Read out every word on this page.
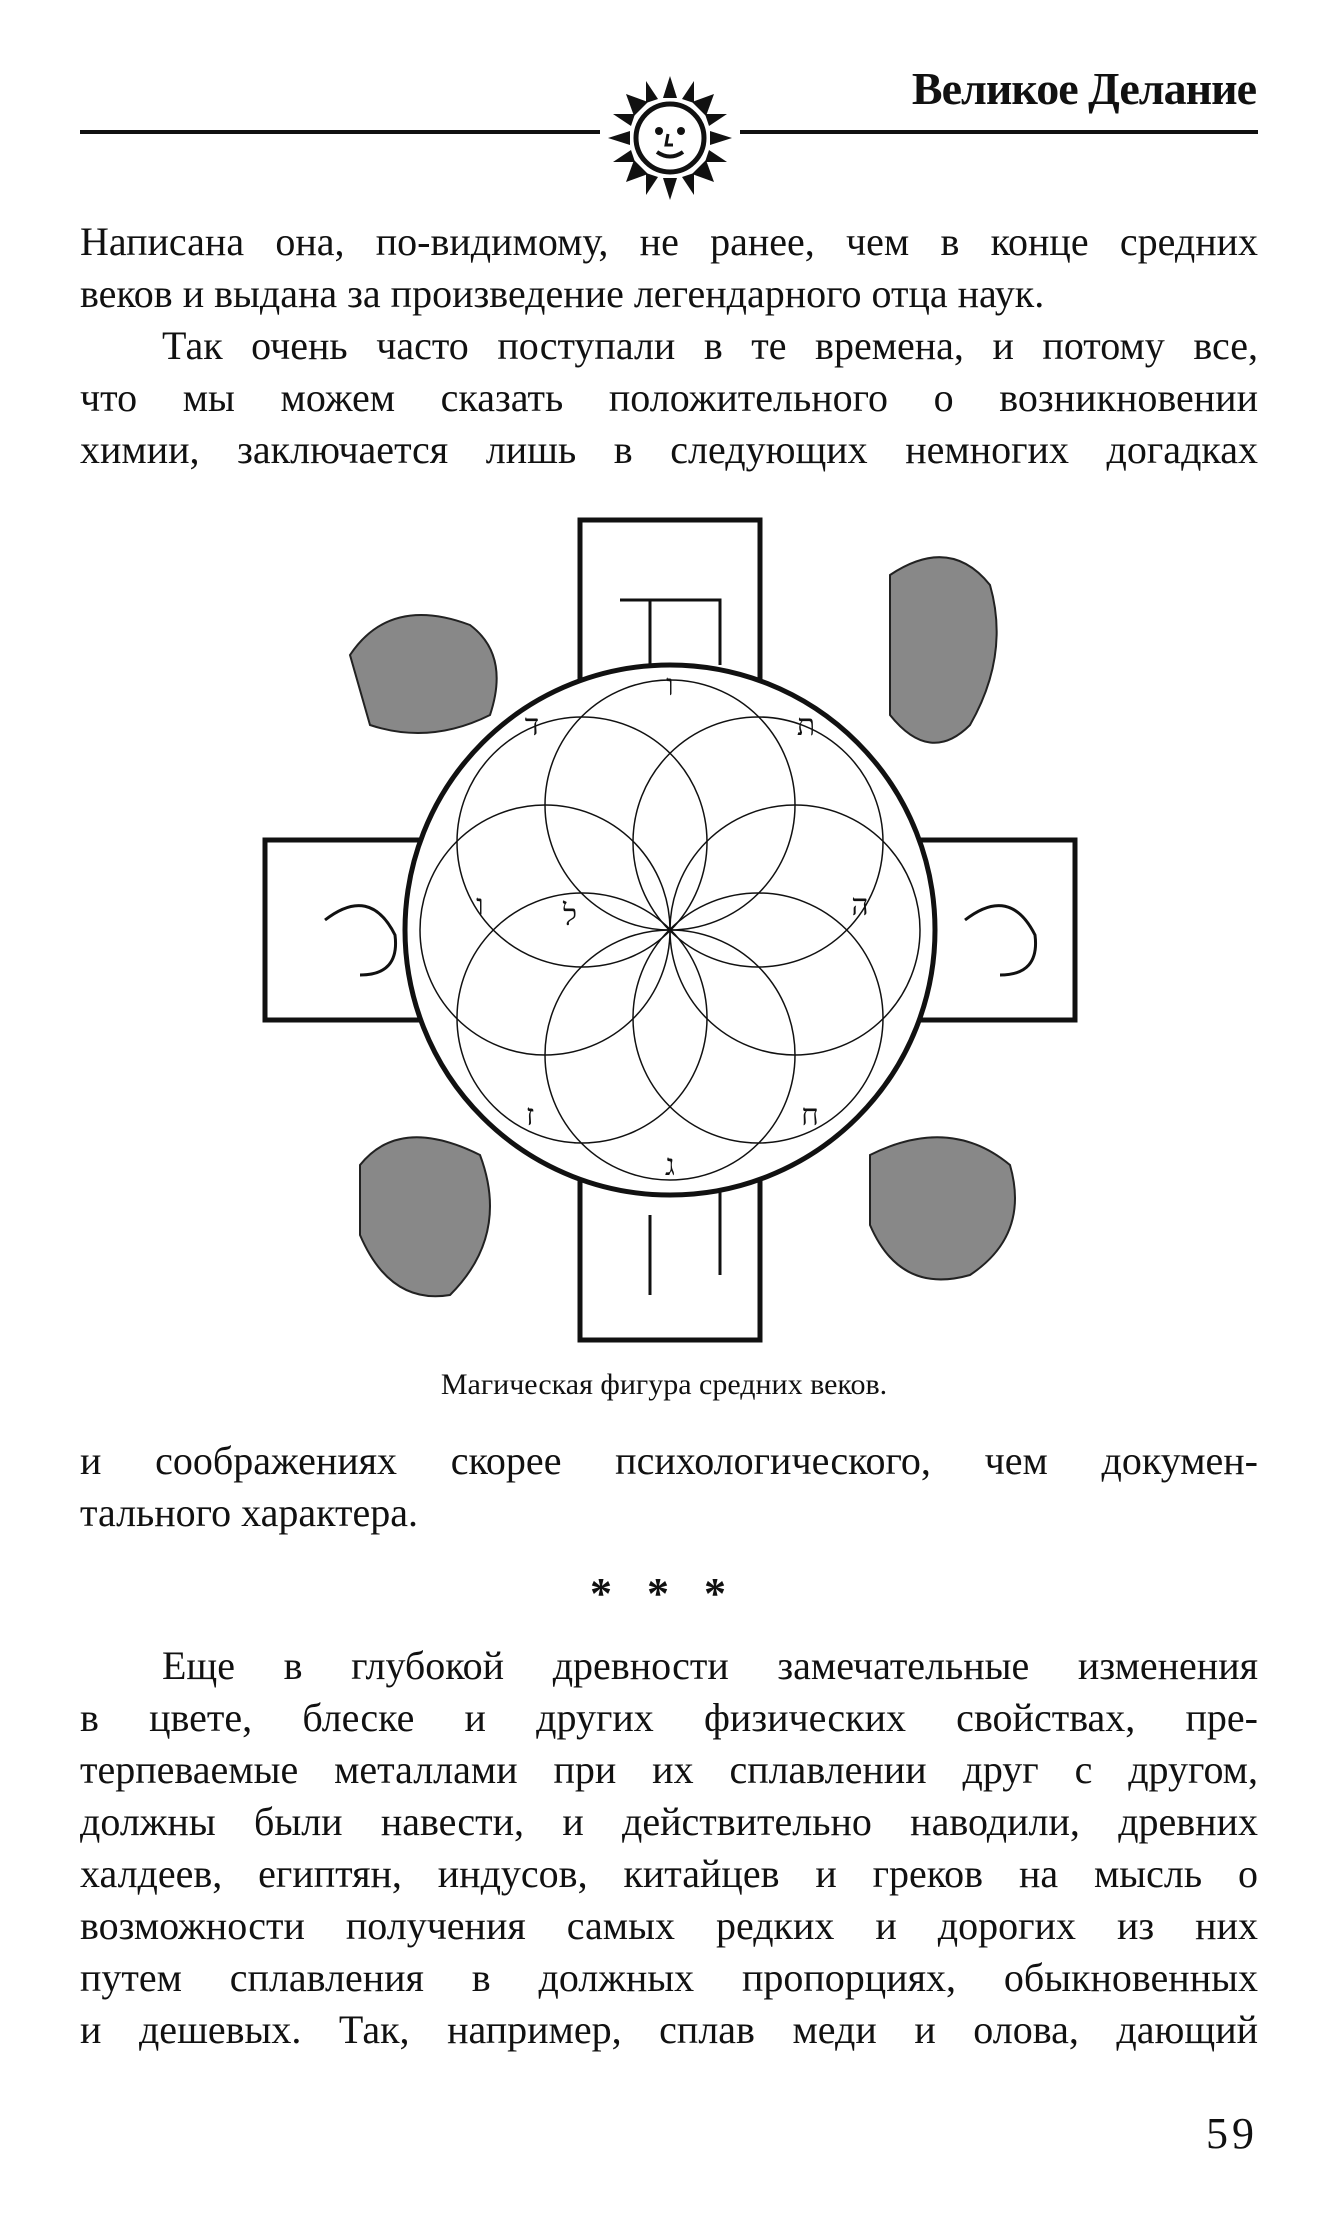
Великое Делание
Написана она, по-видимому, не ранее, чем в конце средних
веков и выдана за произведение легендарного отца наук.
Так очень часто поступали в те времена, и потому все,
что мы можем сказать положительного о возникновении
химии, заключается лишь в следующих немногих догадках
ו
ת
ה
ח
ג
ז
ו
ד
ל
Магическая фигура средних веков.
и соображениях скорее психологического, чем докумен-
тального характера.
* * *
Еще в глубокой древности замечательные изменения
в цвете, блеске и других физических свойствах, пре-
терпеваемые металлами при их сплавлении друг с другом,
должны были навести, и действительно наводили, древних
халдеев, египтян, индусов, китайцев и греков на мысль о
возможности получения самых редких и дорогих из них
путем сплавления в должных пропорциях, обыкновенных
и дешевых. Так, например, сплав меди и олова, дающий
59
